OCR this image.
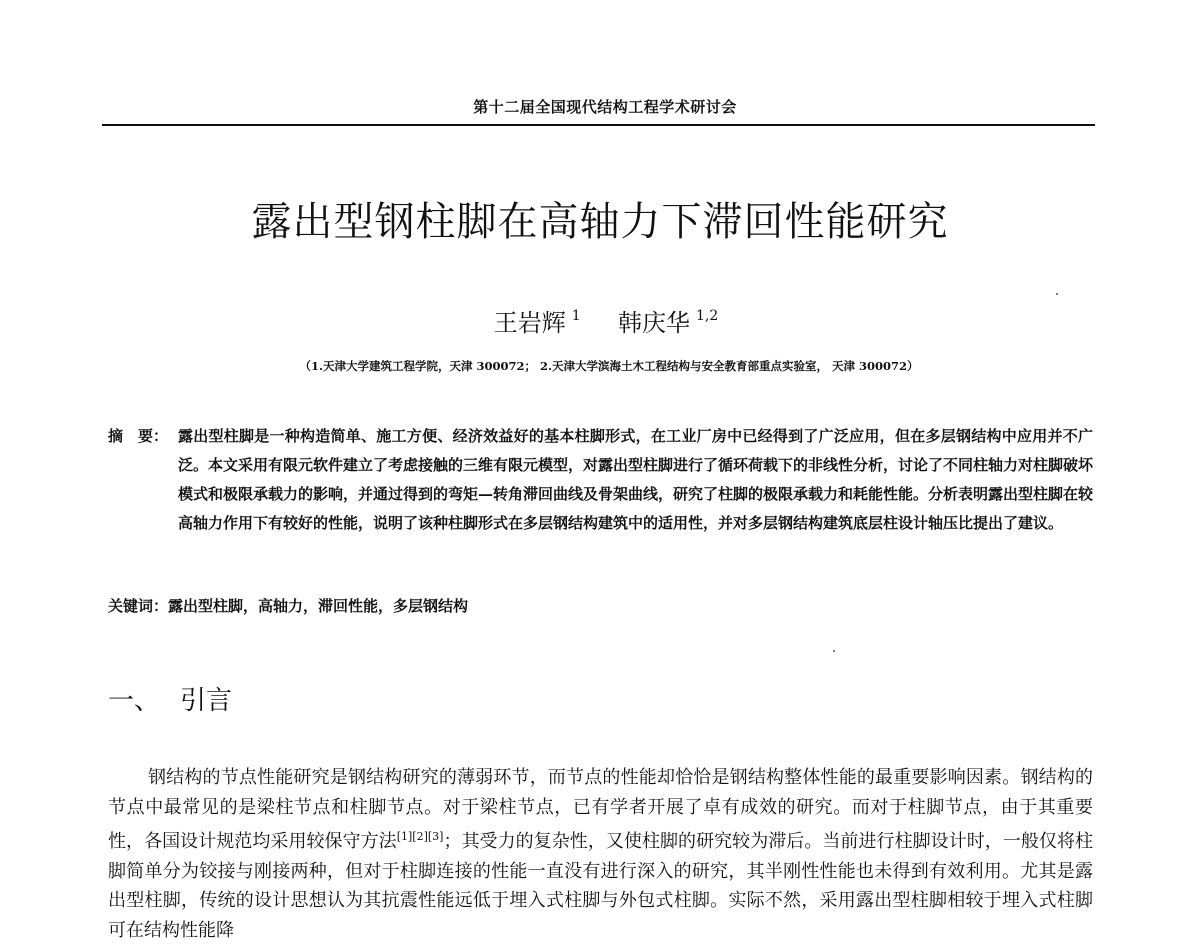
第十二届全国现代结构工程学术研讨会
露出型钢柱脚在高轴力下滞回性能研究
王岩辉 $^1$ 韩庆华 $^{1,2}$
（1.天津大学建筑工程学院，天津 300072； 2.天津大学滨海土木工程结构与安全教育部重点实验室， 天津 300072）
摘　要： 露出型柱脚是一种构造简单、施工方便、经济效益好的基本柱脚形式，在工业厂房中已经得到了广泛应用，但在多层钢结构中应用并不广泛。本文采用有限元软件建立了考虑接触的三维有限元模型，对露出型柱脚进行了循环荷载下的非线性分析，讨论了不同柱轴力对柱脚破坏模式和极限承载力的影响，并通过得到的弯矩—转角滞回曲线及骨架曲线，研究了柱脚的极限承载力和耗能性能。分析表明露出型柱脚在较高轴力作用下有较好的性能，说明了该种柱脚形式在多层钢结构建筑中的适用性，并对多层钢结构建筑底层柱设计轴压比提出了建议。
关键词：露出型柱脚，高轴力，滞回性能，多层钢结构
一、 引言
钢结构的节点性能研究是钢结构研究的薄弱环节，而节点的性能却恰恰是钢结构整体性能的最重要影响因素。钢结构的节点中最常见的是梁柱节点和柱脚节点。对于梁柱节点，已有学者开展了卓有成效的研究。而对于柱脚节点，由于其重要性，各国设计规范均采用较保守方法[1][2][3]；其受力的复杂性，又使柱脚的研究较为滞后。当前进行柱脚设计时，一般仅将柱脚简单分为铰接与刚接两种，但对于柱脚连接的性能一直没有进行深入的研究，其半刚性性能也未得到有效利用。尤其是露出型柱脚，传统的设计思想认为其抗震性能远低于埋入式柱脚与外包式柱脚。实际不然，采用露出型柱脚相较于埋入式柱脚可在结构性能降
